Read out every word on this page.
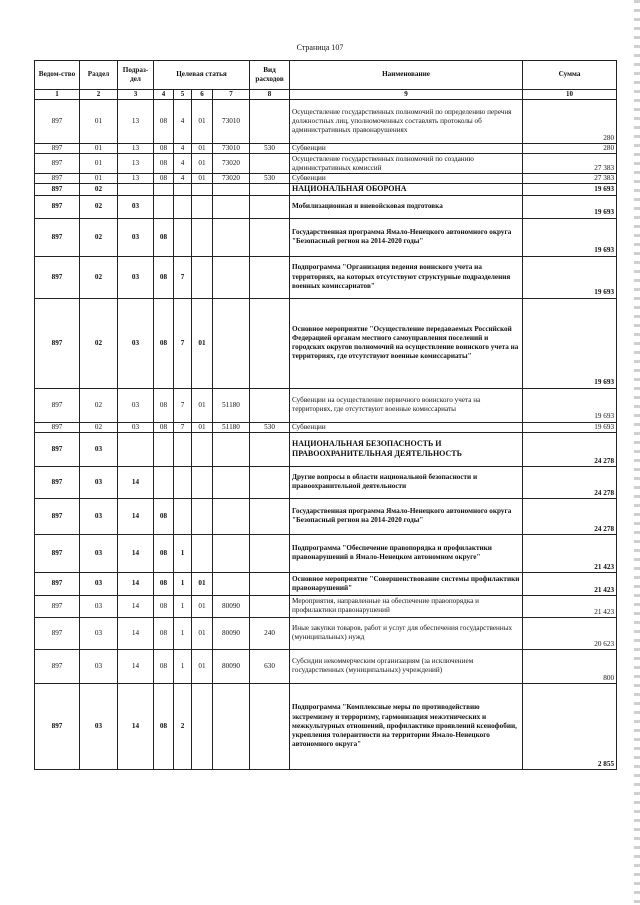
Страница 107
Ведом-ство	Раздел	Подраз-дел	Целевая статья				Вид расходов	Наименование	Сумма
1	2	3	4	5	6	7	8	9	10
897	01	13	08	4	01	73010		Осуществление государственных полномочий по определению перечня должностных лиц, уполномоченных составлять протоколы об административных правонарушениях	280
897	01	13	08	4	01	73010	530	Субвенции	280
897	01	13	08	4	01	73020		Осуществление государственных полномочий по созданию административных комиссий	27 383
897	01	13	08	4	01	73020	530	Субвенции	27 383
897	02							НАЦИОНАЛЬНАЯ ОБОРОНА	19 693
897	02	03						Мобилизационная и вневойсковая подготовка	19 693
897	02	03	08					Государственная программа Ямало-Ненецкого автономного округа "Безопасный регион на 2014-2020 годы"	19 693
897	02	03	08	7				Подпрограмма "Организация ведения воинского учета на территориях, на которых отсутствуют структурные подразделения военных комиссариатов"	19 693
897	02	03	08	7	01			Основное мероприятие "Осуществление передаваемых Российской Федерацией органам местного самоуправления поселений и городских округов полномочий на осуществление воинского учета на территориях, где отсутствуют военные комиссариаты"	19 693
897	02	03	08	7	01	51180		Субвенции на осуществление первичного воинского учета на территориях, где отсутствуют военные комиссариаты	19 693
897	02	03	08	7	01	51180	530	Субвенции	19 693
897	03							НАЦИОНАЛЬНАЯ БЕЗОПАСНОСТЬ И ПРАВООХРАНИТЕЛЬНАЯ ДЕЯТЕЛЬНОСТЬ	24 278
897	03	14						Другие вопросы в области национальной безопасности и правоохранительной деятельности	24 278
897	03	14	08					Государственная программа Ямало-Ненецкого автономного округа "Безопасный регион на 2014-2020 годы"	24 278
897	03	14	08	1				Подпрограмма "Обеспечение правопорядка и профилактики правонарушений в Ямало-Ненецком автономном округе"	21 423
897	03	14	08	1	01			Основное мероприятие "Совершенствование системы профилактики правонарушений"	21 423
897	03	14	08	1	01	80090		Мероприятия, направленные на обеспечение правопорядка и профилактики правонарушений	21 423
897	03	14	08	1	01	80090	240	Иные закупки товаров, работ и услуг для обеспечения государственных (муниципальных) нужд	20 623
897	03	14	08	1	01	80090	630	Субсидии некоммерческим организациям (за исключением государственных (муниципальных) учреждений)	800
897	03	14	08	2				Подпрограмма "Комплексные меры по противодействию экстремизму и терроризму, гармонизация межэтнических и межкультурных отношений, профилактике проявлений ксенофобии, укрепления толерантности на территории Ямало-Ненецкого автономного округа"	2 855
